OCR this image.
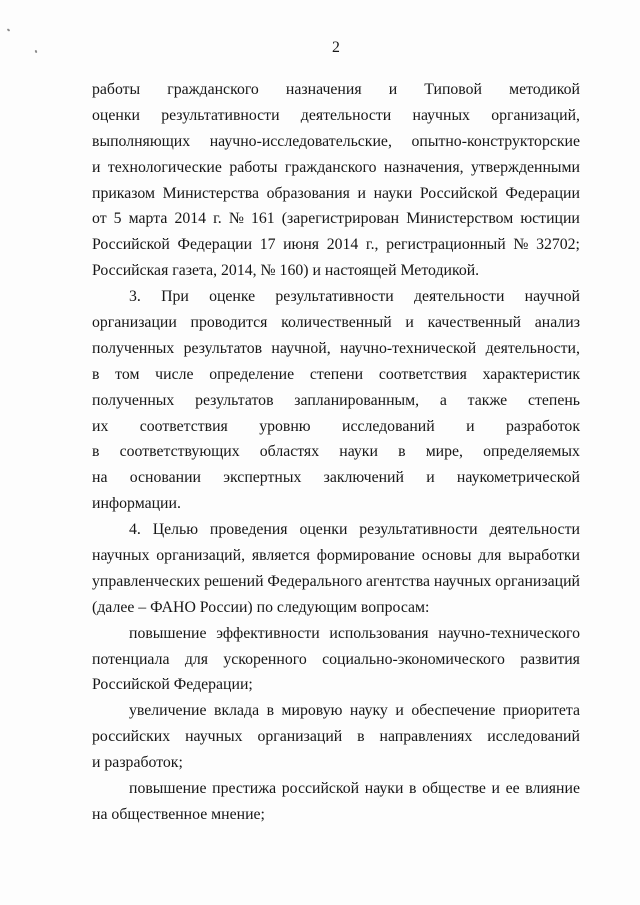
2
работы гражданского назначения и Типовой методикой
оценки результативности деятельности научных организаций,
выполняющих научно-исследовательские, опытно-конструкторские
и технологические работы гражданского назначения, утвержденными
приказом Министерства образования и науки Российской Федерации
от 5 марта 2014 г. № 161 (зарегистрирован Министерством юстиции
Российской Федерации 17 июня 2014 г., регистрационный № 32702;
Российская газета, 2014, № 160) и настоящей Методикой.
3. При оценке результативности деятельности научной
организации проводится количественный и качественный анализ
полученных результатов научной, научно-технической деятельности,
в том числе определение степени соответствия характеристик
полученных результатов запланированным, а также степень
их соответствия уровню исследований и разработок
в соответствующих областях науки в мире, определяемых
на основании экспертных заключений и наукометрической
информации.
4. Целью проведения оценки результативности деятельности
научных организаций, является формирование основы для выработки
управленческих решений Федерального агентства научных организаций
(далее – ФАНО России) по следующим вопросам:
повышение эффективности использования научно-технического
потенциала для ускоренного социально-экономического развития
Российской Федерации;
увеличение вклада в мировую науку и обеспечение приоритета
российских научных организаций в направлениях исследований
и разработок;
повышение престижа российской науки в обществе и ее влияние
на общественное мнение;
